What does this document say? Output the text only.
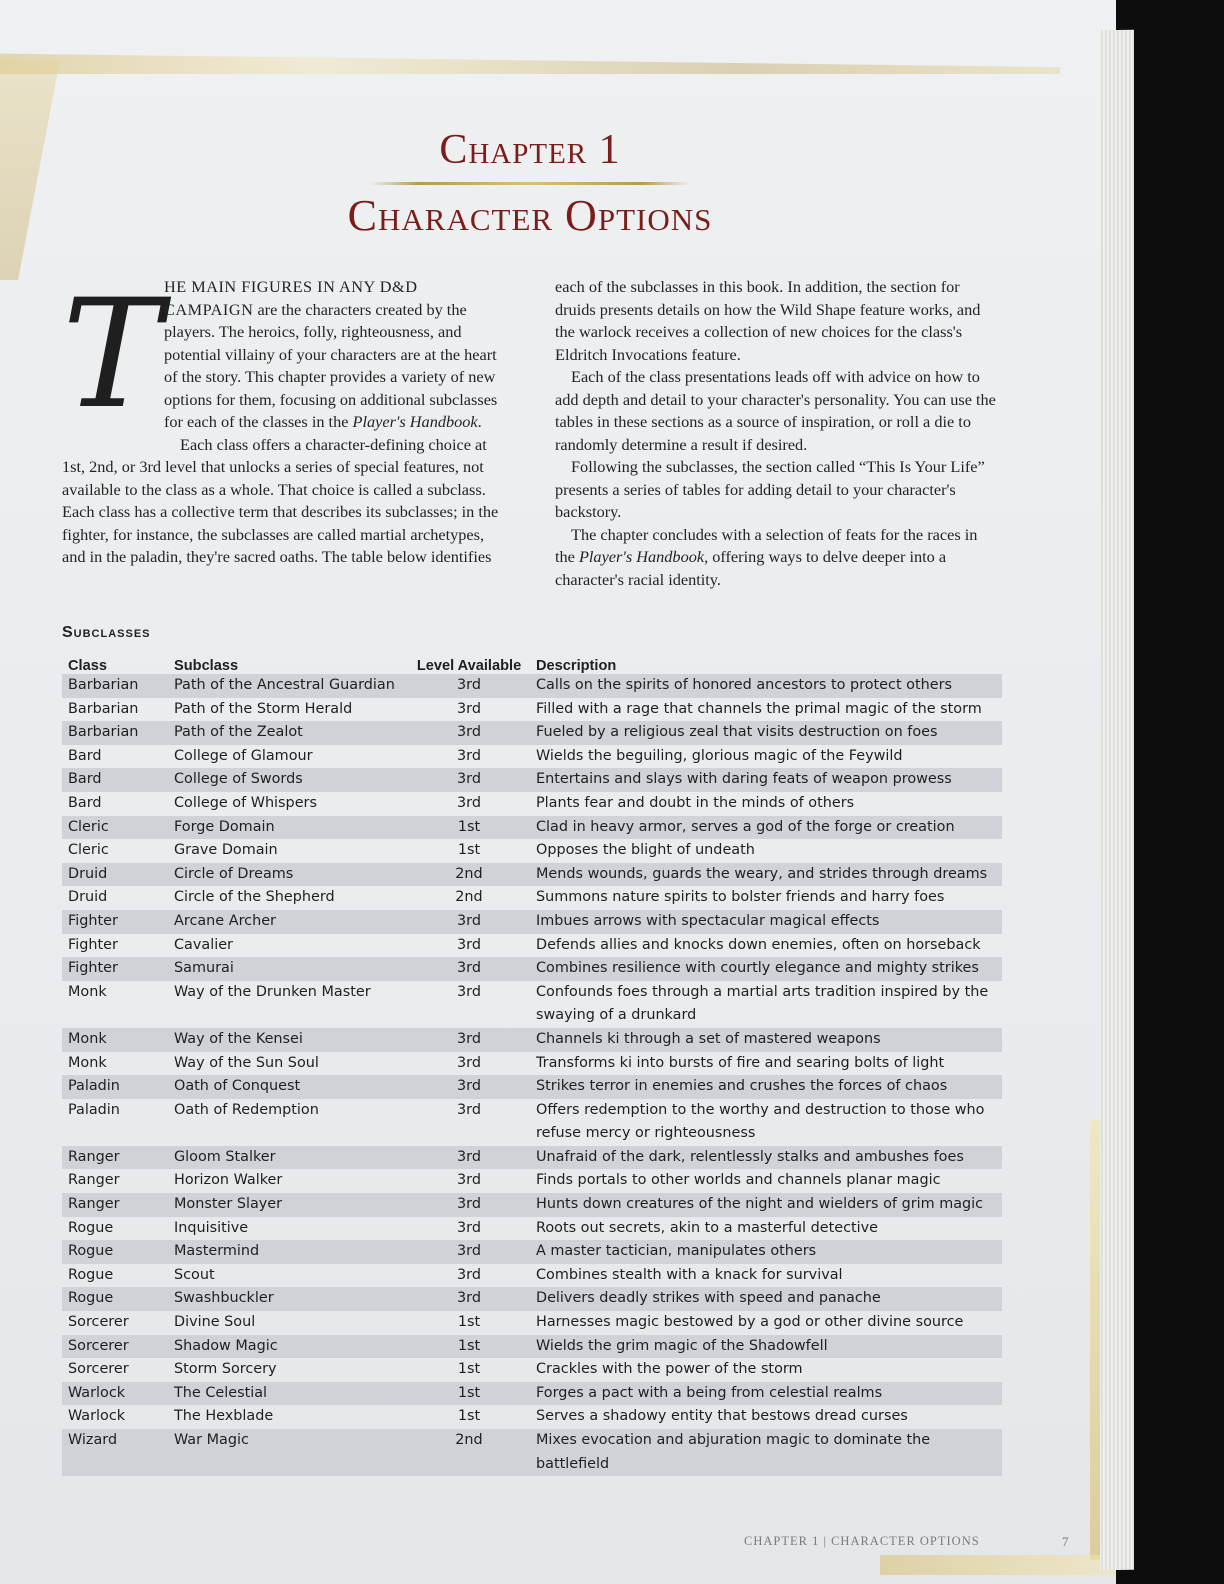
Chapter 1
Character Options
T HE MAIN FIGURES IN ANY D&D CAMPAIGN are the characters created by the players. The heroics, folly, righteousness, and potential villainy of your characters are at the heart of the story. This chapter provides a variety of new options for them, focusing on additional subclasses for each of the classes in the Player's Handbook.

Each class offers a character-defining choice at 1st, 2nd, or 3rd level that unlocks a series of special features, not available to the class as a whole. That choice is called a subclass. Each class has a collective term that describes its subclasses; in the fighter, for instance, the subclasses are called martial archetypes, and in the paladin, they're sacred oaths. The table below identifies

each of the subclasses in this book. In addition, the section for druids presents details on how the Wild Shape feature works, and the warlock receives a collection of new choices for the class's Eldritch Invocations feature.

Each of the class presentations leads off with advice on how to add depth and detail to your character's personality. You can use the tables in these sections as a source of inspiration, or roll a die to randomly determine a result if desired.

Following the subclasses, the section called “This Is Your Life” presents a series of tables for adding detail to your character's backstory.

The chapter concludes with a selection of feats for the races in the Player's Handbook, offering ways to delve deeper into a character's racial identity.

Subclasses
Class	Subclass	Level Available	Description
Barbarian	Path of the Ancestral Guardian	3rd	Calls on the spirits of honored ancestors to protect others
Barbarian	Path of the Storm Herald	3rd	Filled with a rage that channels the primal magic of the storm
Barbarian	Path of the Zealot	3rd	Fueled by a religious zeal that visits destruction on foes
Bard	College of Glamour	3rd	Wields the beguiling, glorious magic of the Feywild
Bard	College of Swords	3rd	Entertains and slays with daring feats of weapon prowess
Bard	College of Whispers	3rd	Plants fear and doubt in the minds of others
Cleric	Forge Domain	1st	Clad in heavy armor, serves a god of the forge or creation
Cleric	Grave Domain	1st	Opposes the blight of undeath
Druid	Circle of Dreams	2nd	Mends wounds, guards the weary, and strides through dreams
Druid	Circle of the Shepherd	2nd	Summons nature spirits to bolster friends and harry foes
Fighter	Arcane Archer	3rd	Imbues arrows with spectacular magical effects
Fighter	Cavalier	3rd	Defends allies and knocks down enemies, often on horseback
Fighter	Samurai	3rd	Combines resilience with courtly elegance and mighty strikes
Monk	Way of the Drunken Master	3rd	Confounds foes through a martial arts tradition inspired by the swaying of a drunkard
Monk	Way of the Kensei	3rd	Channels ki through a set of mastered weapons
Monk	Way of the Sun Soul	3rd	Transforms ki into bursts of fire and searing bolts of light
Paladin	Oath of Conquest	3rd	Strikes terror in enemies and crushes the forces of chaos
Paladin	Oath of Redemption	3rd	Offers redemption to the worthy and destruction to those who refuse mercy or righteousness
Ranger	Gloom Stalker	3rd	Unafraid of the dark, relentlessly stalks and ambushes foes
Ranger	Horizon Walker	3rd	Finds portals to other worlds and channels planar magic
Ranger	Monster Slayer	3rd	Hunts down creatures of the night and wielders of grim magic
Rogue	Inquisitive	3rd	Roots out secrets, akin to a masterful detective
Rogue	Mastermind	3rd	A master tactician, manipulates others
Rogue	Scout	3rd	Combines stealth with a knack for survival
Rogue	Swashbuckler	3rd	Delivers deadly strikes with speed and panache
Sorcerer	Divine Soul	1st	Harnesses magic bestowed by a god or other divine source
Sorcerer	Shadow Magic	1st	Wields the grim magic of the Shadowfell
Sorcerer	Storm Sorcery	1st	Crackles with the power of the storm
Warlock	The Celestial	1st	Forges a pact with a being from celestial realms
Warlock	The Hexblade	1st	Serves a shadowy entity that bestows dread curses
Wizard	War Magic	2nd	Mixes evocation and abjuration magic to dominate the battlefield
CHAPTER 1 | CHARACTER OPTIONS	7
